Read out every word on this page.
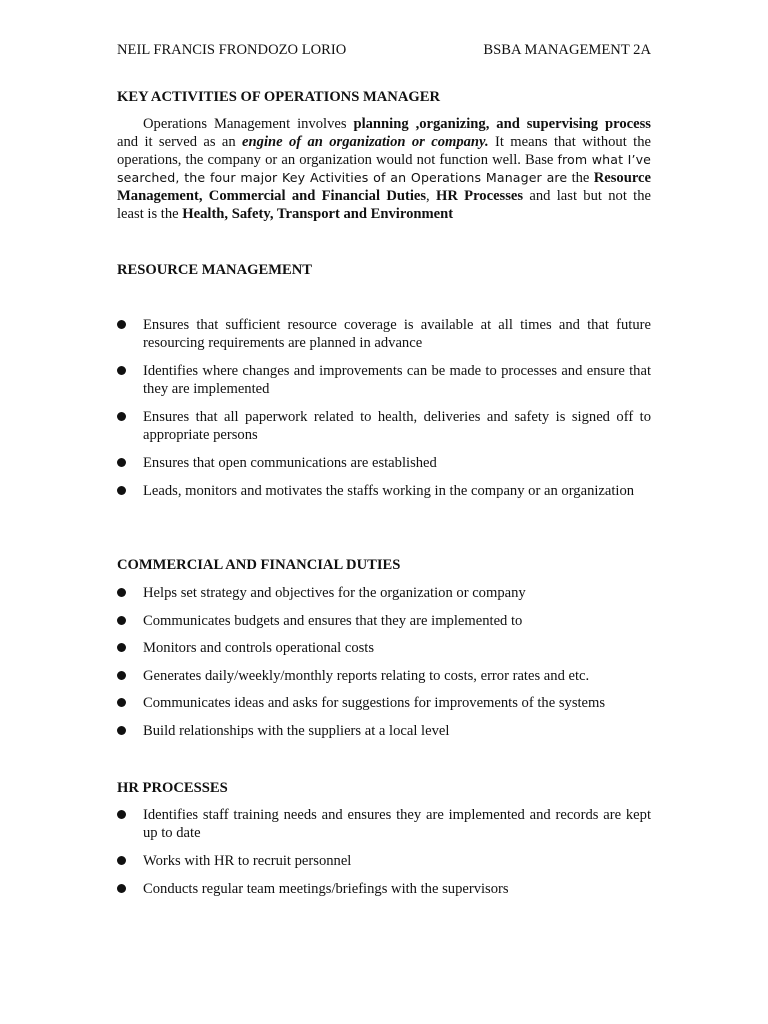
NEIL FRANCIS FRONDOZO LORIO	BSBA MANAGEMENT 2A
KEY ACTIVITIES OF OPERATIONS MANAGER
Operations Management involves planning ,organizing, and supervising process and it served as an engine of an organization or company. It means that without the operations, the company or an organization would not function well. Base from what I’ve searched, the four major Key Activities of an Operations Manager are the Resource Management, Commercial and Financial Duties, HR Processes and last but not the least is the Health, Safety, Transport and Environment
RESOURCE MANAGEMENT
Ensures that sufficient resource coverage is available at all times and that future resourcing requirements are planned in advance
Identifies where changes and improvements can be made to processes and ensure that they are implemented
Ensures that all paperwork related to health, deliveries and safety is signed off to appropriate persons
Ensures that open communications are established
Leads, monitors and motivates the staffs working in the company or an organization
COMMERCIAL AND FINANCIAL DUTIES
Helps set strategy and objectives for the organization or company
Communicates budgets and ensures that they are implemented to
Monitors and controls operational costs
Generates daily/weekly/monthly reports relating to costs, error rates and etc.
Communicates ideas and asks for suggestions for improvements of the systems
Build relationships with the suppliers at a local level
HR PROCESSES
Identifies staff training needs and ensures they are implemented and records are kept up to date
Works with HR to recruit personnel
Conducts regular team meetings/briefings with the supervisors
